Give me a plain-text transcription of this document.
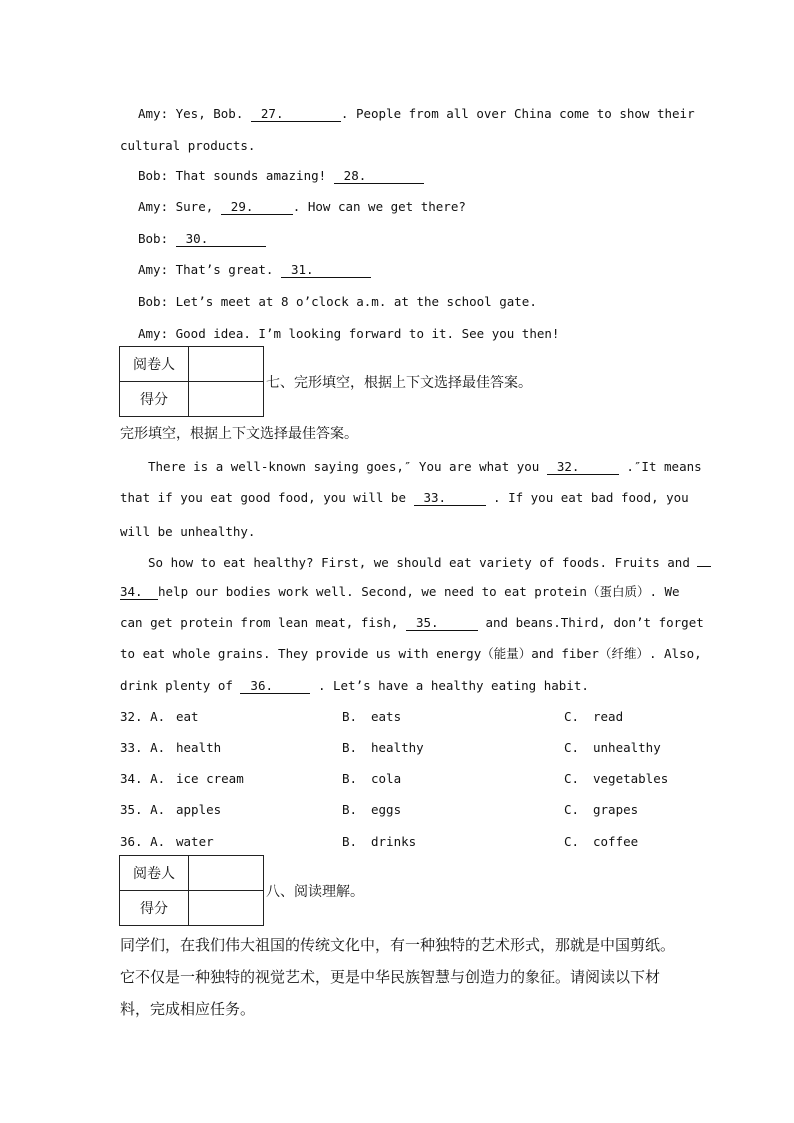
Amy: Yes, Bob. 27.	. People from all over China come to show their
cultural products.
Bob: That sounds amazing! 28.
Amy: Sure, 29.	. How can we get there?
Bob: 30.
Amy: That’s great. 31.
Bob: Let’s meet at 8 o’clock a.m. at the school gate.
Amy: Good idea. I’m looking forward to it. See you then!
阅卷人	
得分	
七、完形填空，根据上下文选择最佳答案。
完形填空，根据上下文选择最佳答案。
There is a well-known saying goes,″ You are what you 32.	.″It means
that if you eat good food, you will be 33.	. If you eat bad food, you
will be unhealthy.
So how to eat healthy? First, we should eat variety of foods. Fruits and
34. help our bodies work well. Second, we need to eat protein（蛋白质）. We
can get protein from lean meat, fish, 35.	and beans.Third, don’t forget
to eat whole grains. They provide us with energy（能量）and fiber（纤维）. Also,
drink plenty of 36.	. Let’s have a healthy eating habit.
32. A. eat	B. eats	C. read
33. A. health	B. healthy	C. unhealthy
34. A. ice cream	B. cola	C. vegetables
35. A. apples	B. eggs	C. grapes
36. A. water	B. drinks	C. coffee
阅卷人	
得分	
八、阅读理解。
同学们，在我们伟大祖国的传统文化中，有一种独特的艺术形式，那就是中国剪纸。它不仅是一种独特的视觉艺术，更是中华民族智慧与创造力的象征。请阅读以下材料，完成相应任务。
